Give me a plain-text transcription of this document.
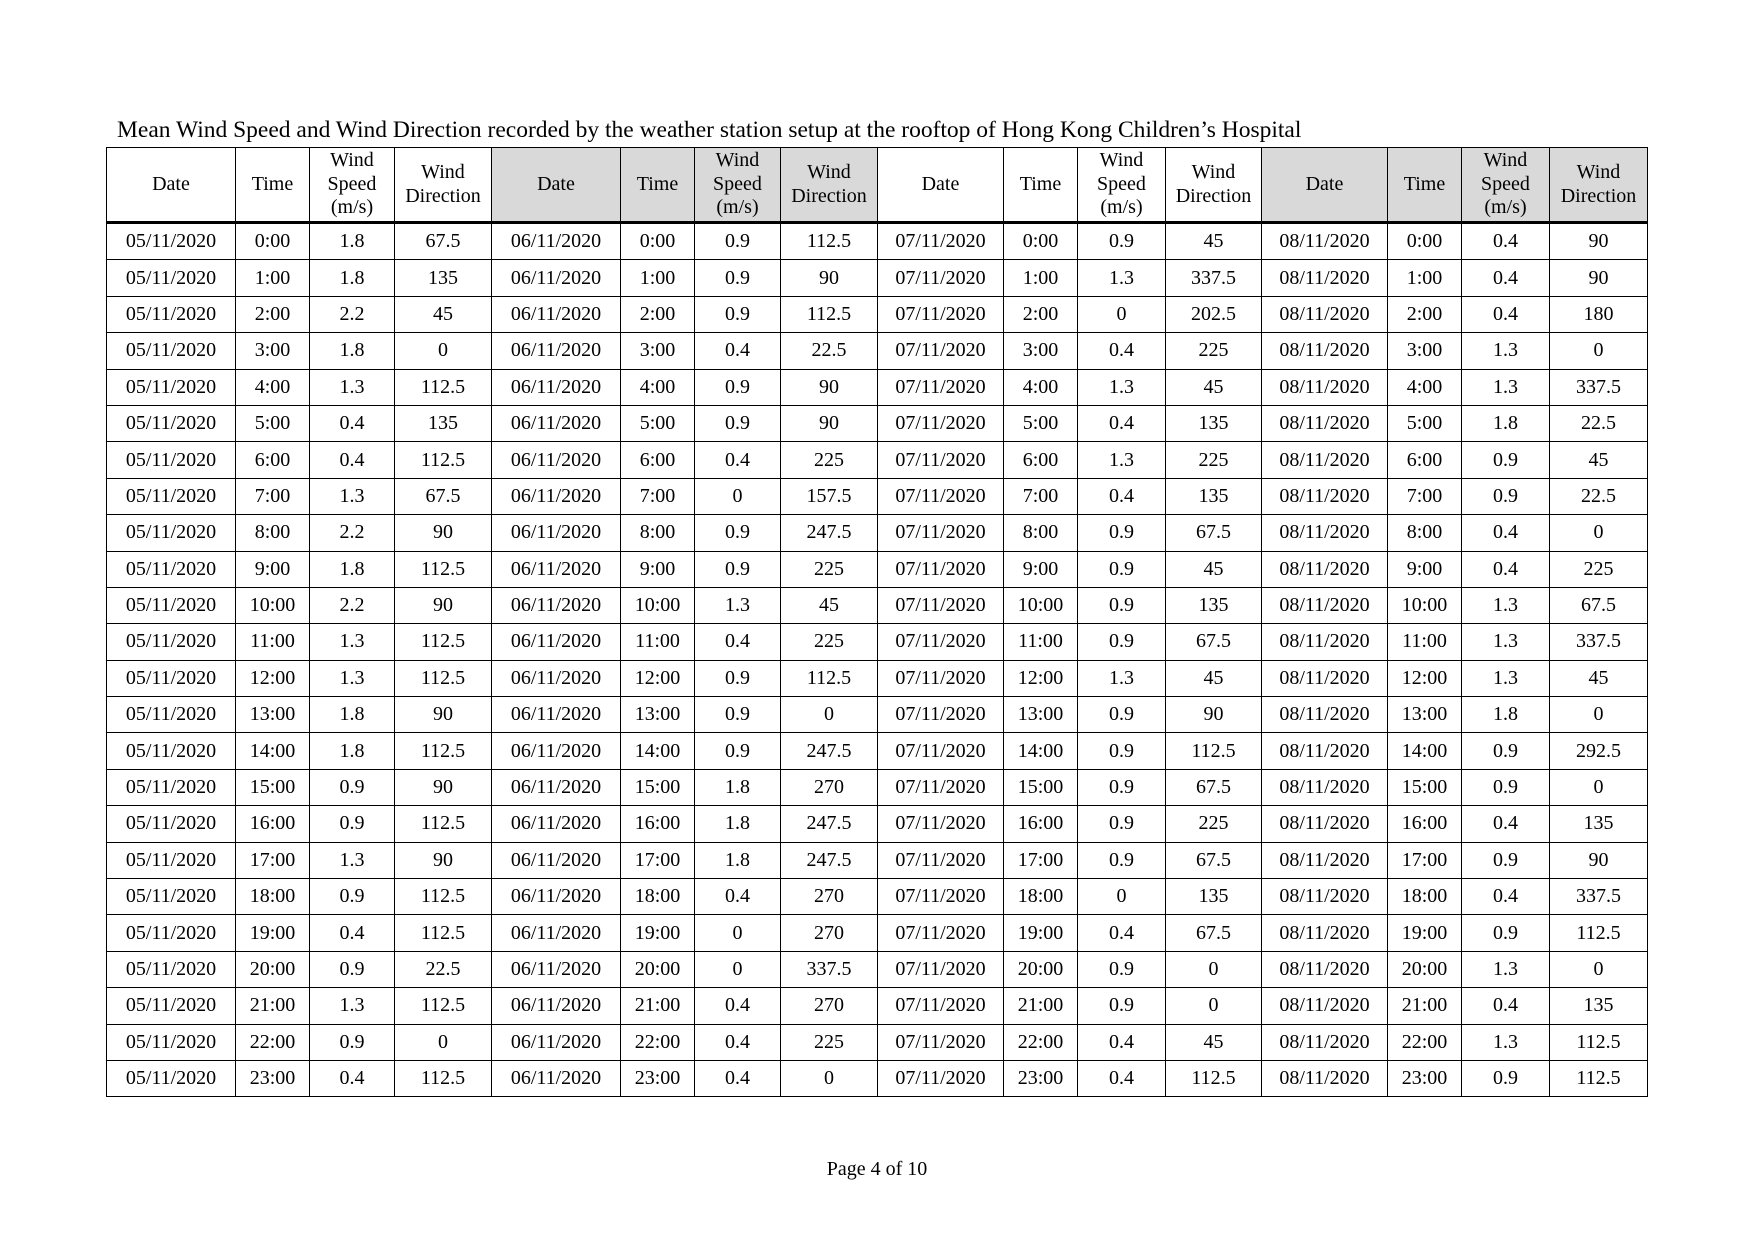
Mean Wind Speed and Wind Direction recorded by the weather station setup at the rooftop of Hong Kong Children’s Hospital
Date	Time	Wind
Speed
(m/s)	Wind
Direction	Date	Time	Wind
Speed
(m/s)	Wind
Direction	Date	Time	Wind
Speed
(m/s)	Wind
Direction	Date	Time	Wind
Speed
(m/s)	Wind
Direction

05/11/2020	0:00	1.8	67.5	06/11/2020	0:00	0.9	112.5	07/11/2020	0:00	0.9	45	08/11/2020	0:00	0.4	90
05/11/2020	1:00	1.8	135	06/11/2020	1:00	0.9	90	07/11/2020	1:00	1.3	337.5	08/11/2020	1:00	0.4	90
05/11/2020	2:00	2.2	45	06/11/2020	2:00	0.9	112.5	07/11/2020	2:00	0	202.5	08/11/2020	2:00	0.4	180
05/11/2020	3:00	1.8	0	06/11/2020	3:00	0.4	22.5	07/11/2020	3:00	0.4	225	08/11/2020	3:00	1.3	0
05/11/2020	4:00	1.3	112.5	06/11/2020	4:00	0.9	90	07/11/2020	4:00	1.3	45	08/11/2020	4:00	1.3	337.5
05/11/2020	5:00	0.4	135	06/11/2020	5:00	0.9	90	07/11/2020	5:00	0.4	135	08/11/2020	5:00	1.8	22.5
05/11/2020	6:00	0.4	112.5	06/11/2020	6:00	0.4	225	07/11/2020	6:00	1.3	225	08/11/2020	6:00	0.9	45
05/11/2020	7:00	1.3	67.5	06/11/2020	7:00	0	157.5	07/11/2020	7:00	0.4	135	08/11/2020	7:00	0.9	22.5
05/11/2020	8:00	2.2	90	06/11/2020	8:00	0.9	247.5	07/11/2020	8:00	0.9	67.5	08/11/2020	8:00	0.4	0
05/11/2020	9:00	1.8	112.5	06/11/2020	9:00	0.9	225	07/11/2020	9:00	0.9	45	08/11/2020	9:00	0.4	225
05/11/2020	10:00	2.2	90	06/11/2020	10:00	1.3	45	07/11/2020	10:00	0.9	135	08/11/2020	10:00	1.3	67.5
05/11/2020	11:00	1.3	112.5	06/11/2020	11:00	0.4	225	07/11/2020	11:00	0.9	67.5	08/11/2020	11:00	1.3	337.5
05/11/2020	12:00	1.3	112.5	06/11/2020	12:00	0.9	112.5	07/11/2020	12:00	1.3	45	08/11/2020	12:00	1.3	45
05/11/2020	13:00	1.8	90	06/11/2020	13:00	0.9	0	07/11/2020	13:00	0.9	90	08/11/2020	13:00	1.8	0
05/11/2020	14:00	1.8	112.5	06/11/2020	14:00	0.9	247.5	07/11/2020	14:00	0.9	112.5	08/11/2020	14:00	0.9	292.5
05/11/2020	15:00	0.9	90	06/11/2020	15:00	1.8	270	07/11/2020	15:00	0.9	67.5	08/11/2020	15:00	0.9	0
05/11/2020	16:00	0.9	112.5	06/11/2020	16:00	1.8	247.5	07/11/2020	16:00	0.9	225	08/11/2020	16:00	0.4	135
05/11/2020	17:00	1.3	90	06/11/2020	17:00	1.8	247.5	07/11/2020	17:00	0.9	67.5	08/11/2020	17:00	0.9	90
05/11/2020	18:00	0.9	112.5	06/11/2020	18:00	0.4	270	07/11/2020	18:00	0	135	08/11/2020	18:00	0.4	337.5
05/11/2020	19:00	0.4	112.5	06/11/2020	19:00	0	270	07/11/2020	19:00	0.4	67.5	08/11/2020	19:00	0.9	112.5
05/11/2020	20:00	0.9	22.5	06/11/2020	20:00	0	337.5	07/11/2020	20:00	0.9	0	08/11/2020	20:00	1.3	0
05/11/2020	21:00	1.3	112.5	06/11/2020	21:00	0.4	270	07/11/2020	21:00	0.9	0	08/11/2020	21:00	0.4	135
05/11/2020	22:00	0.9	0	06/11/2020	22:00	0.4	225	07/11/2020	22:00	0.4	45	08/11/2020	22:00	1.3	112.5
05/11/2020	23:00	0.4	112.5	06/11/2020	23:00	0.4	0	07/11/2020	23:00	0.4	112.5	08/11/2020	23:00	0.9	112.5
Page 4 of 10
